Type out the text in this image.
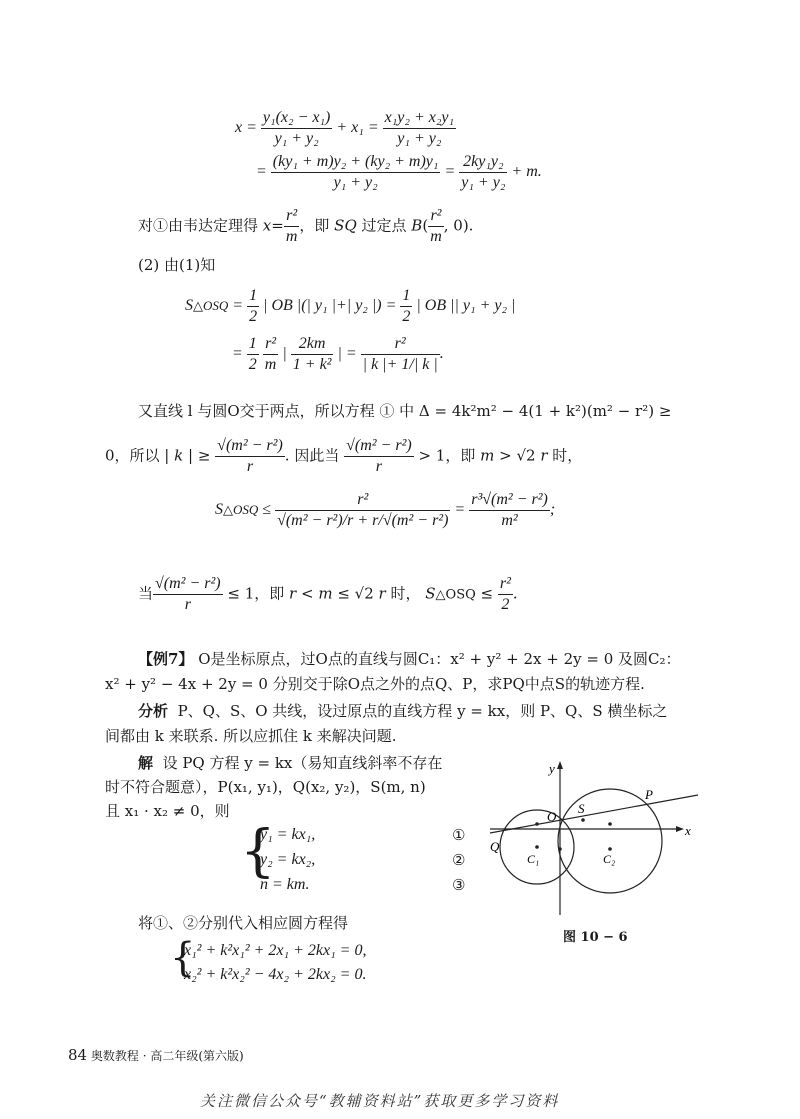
$x = \frac{\text{y₁(x₂ − x₁)}}{\text{y₁ + y₂}} + x_1 = \frac{\text{x₁y₂ + x₂y₁}}{\text{y₁ + y₂}}$
= $\frac{\text{(ky₁ + m)y₂ + (ky₂ + m)y₁}}{\text{y₁ + y₂}} = \frac{\text{2ky₁y₂}}{\text{y₁ + y₂}} + m$.
对①由韦达定理得 $x= \frac{\text{r²}}{m}$ ，即 SQ 过定点 $B( \frac{\text{r²}}{m}$ , 0).
(2) 由(1)知
S△OSQ = $\frac{1}{2}$ | OB |(| y₁ |+| y₂ |) = $\frac{1}{2}$ | OB || y₁ + y₂ |
= $\frac{1}{2}$
$\frac{\text{r²}}{m}$ | $\frac{2km}{\text{1 + k²}}$ | = $\frac{\text{r²}}{| k |+ 1/| k |}$ .
又直线 l 与圆O交于两点，所以方程 ① 中 Δ = 4k²m² − 4(1 + k²)(m² − r²) ≥
0，所以 | k | ≥ $\frac{\text{√(m² − r²)}}{r}$ . 因此当 $\frac{\text{√(m² − r²)}}{r} > 1$，即 m > √2 r 时，
S△OSQ ≤ $\frac{\text{r²}}{\text{√(m² − r²)/r + r/√(m² − r²)}} = \frac{\text{r³√(m² − r²)}}{\text{m²}}$ ;
当 $\frac{\text{√(m² − r²)}}{r} \le 1$，即 r < m ≤ √2 r 时， S△OSQ ≤ $\frac{\text{r²}}{2}$ .
【例7】 O是坐标原点，过O点的直线与圆C₁：x² + y² + 2x + 2y = 0 及圆C₂：
x² + y² − 4x + 2y = 0 分别交于除O点之外的点Q、P，求PQ中点S的轨迹方程.
分析 P、Q、S、O 共线，设过原点的直线方程 y = kx，则 P、Q、S 横坐标之
间都由 k 来联系. 所以应抓住 k 来解决问题.
解 设 PQ 方程 y = kx（易知直线斜率不存在
时不符合题意），P(x₁, y₁)，Q(x₂, y₂)，S(m, n)
且 x₁ · x₂ ≠ 0，则
{
y₁ = kx₁,
y₂ = kx₂,
n = km.
①
②
③
将①、②分别代入相应圆方程得
{
x₁² + k²x₁² + 2x₁ + 2kx₁ = 0,
x₂² + k²x₂² − 4x₂ + 2kx₂ = 0.
y
x
O
S
P
Q
C₁	C₂
图 10 − 6
84 奥数教程 · 高二年级(第六版)
关注微信公众号“教辅资料站”获取更多学习资料
